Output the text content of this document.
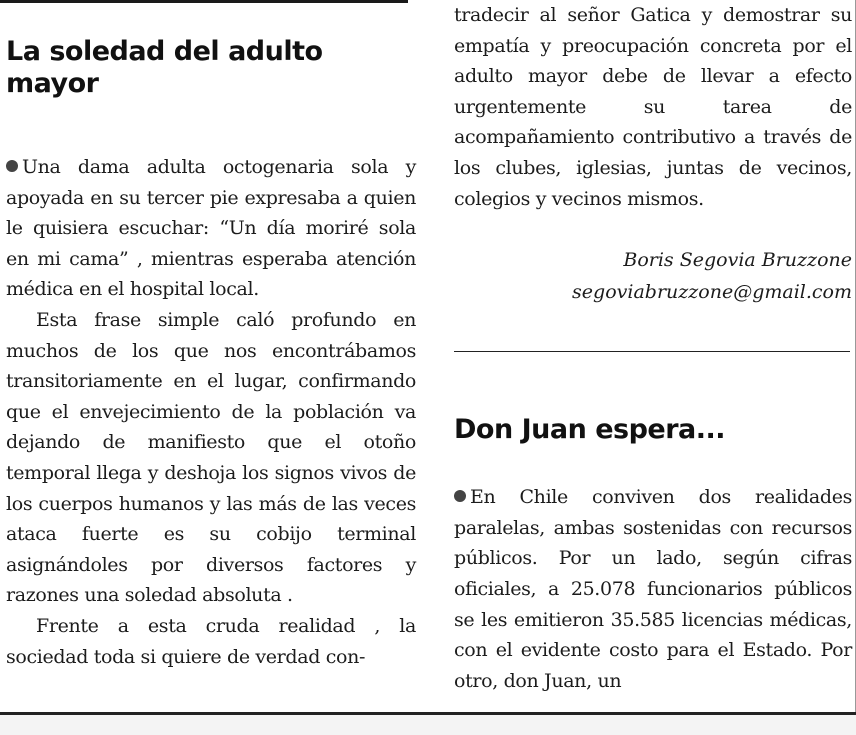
La soledad del adulto mayor

Una dama adulta octogenaria sola y apoyada en su tercer pie expresaba a quien le quisiera escuchar: “Un día moriré sola en mi cama” , mientras esperaba atención médica en el hospital local.

Esta frase simple caló profundo en muchos de los que nos encontrábamos transitoriamente en el lugar, confirmando que el envejecimiento de la población va dejando de manifiesto que el otoño temporal llega y deshoja los signos vivos de los cuerpos humanos y las más de las veces ataca fuerte es su cobijo terminal asignándoles por diversos factores y razones una soledad absoluta .

Frente a esta cruda realidad , la sociedad toda si quiere de verdad con-

tradecir al señor Gatica y demostrar su empatía y preocupación concreta por el adulto mayor debe de llevar a efecto urgentemente su tarea de acompañamiento contributivo a través de los clubes, iglesias, juntas de vecinos, colegios y vecinos mismos.

Boris Segovia Bruzzone
segoviabruzzone@gmail.com
Don Juan espera...

En Chile conviven dos realidades paralelas, ambas sostenidas con recursos públicos. Por un lado, según cifras oficiales, a 25.078 funcionarios públicos se les emitieron 35.585 licencias médicas, con el evidente costo para el Estado. Por otro, don Juan, un
